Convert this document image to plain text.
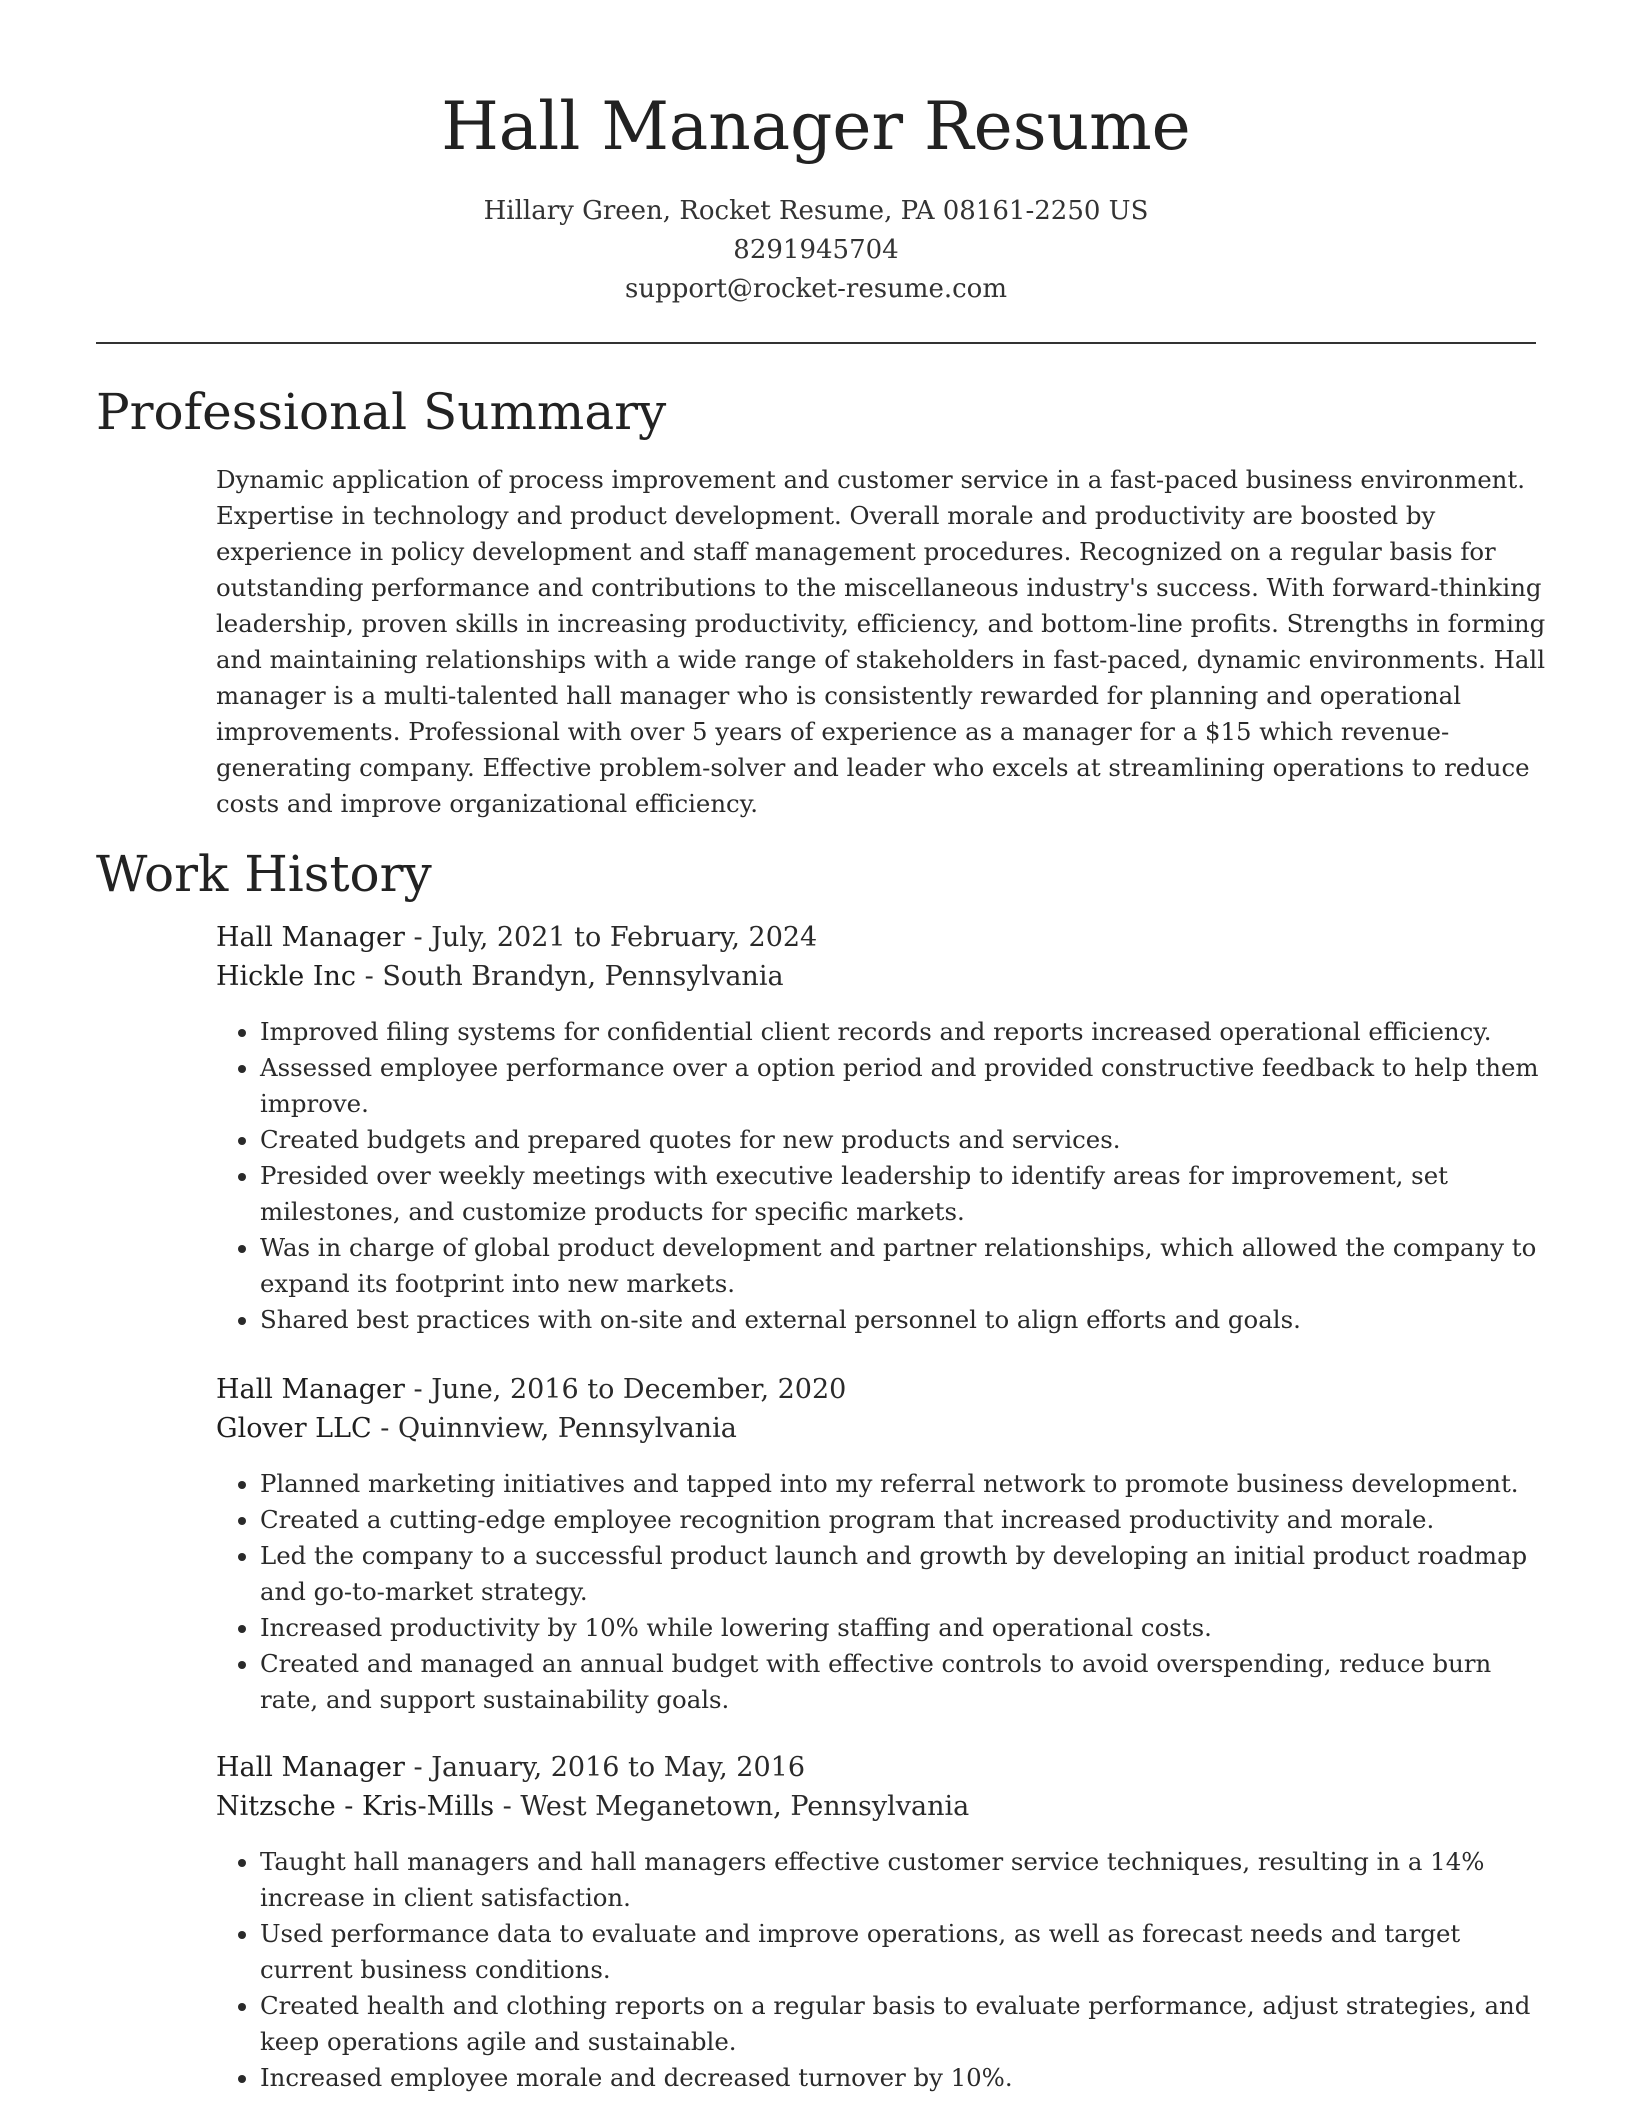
Hall Manager Resume
Hillary Green, Rocket Resume, PA 08161-2250 US
8291945704
support@rocket-resume.com
Professional Summary

Dynamic application of process improvement and customer service in a fast-paced business environment. Expertise in technology and product development. Overall morale and productivity are boosted by experience in policy development and staff management procedures. Recognized on a regular basis for outstanding performance and contributions to the miscellaneous industry's success. With forward-thinking leadership, proven skills in increasing productivity, efficiency, and bottom-line profits. Strengths in forming and maintaining relationships with a wide range of stakeholders in fast-paced, dynamic environments. Hall manager is a multi-talented hall manager who is consistently rewarded for planning and operational improvements. Professional with over 5 years of experience as a manager for a $15 which revenue-generating company. Effective problem-solver and leader who excels at streamlining operations to reduce costs and improve organizational efficiency.

Work History
Hall Manager - July, 2021 to February, 2024
Hickle Inc - South Brandyn, Pennsylvania
• Improved filing systems for confidential client records and reports increased operational efficiency.
• Assessed employee performance over a option period and provided constructive feedback to help them improve.
• Created budgets and prepared quotes for new products and services.
• Presided over weekly meetings with executive leadership to identify areas for improvement, set milestones, and customize products for specific markets.
• Was in charge of global product development and partner relationships, which allowed the company to expand its footprint into new markets.
• Shared best practices with on-site and external personnel to align efforts and goals.
Hall Manager - June, 2016 to December, 2020
Glover LLC - Quinnview, Pennsylvania
• Planned marketing initiatives and tapped into my referral network to promote business development.
• Created a cutting-edge employee recognition program that increased productivity and morale.
• Led the company to a successful product launch and growth by developing an initial product roadmap and go-to-market strategy.
• Increased productivity by 10% while lowering staffing and operational costs.
• Created and managed an annual budget with effective controls to avoid overspending, reduce burn rate, and support sustainability goals.
Hall Manager - January, 2016 to May, 2016
Nitzsche - Kris-Mills - West Meganetown, Pennsylvania
• Taught hall managers and hall managers effective customer service techniques, resulting in a 14% increase in client satisfaction.
• Used performance data to evaluate and improve operations, as well as forecast needs and target current business conditions.
• Created health and clothing reports on a regular basis to evaluate performance, adjust strategies, and keep operations agile and sustainable.
• Increased employee morale and decreased turnover by 10%.
